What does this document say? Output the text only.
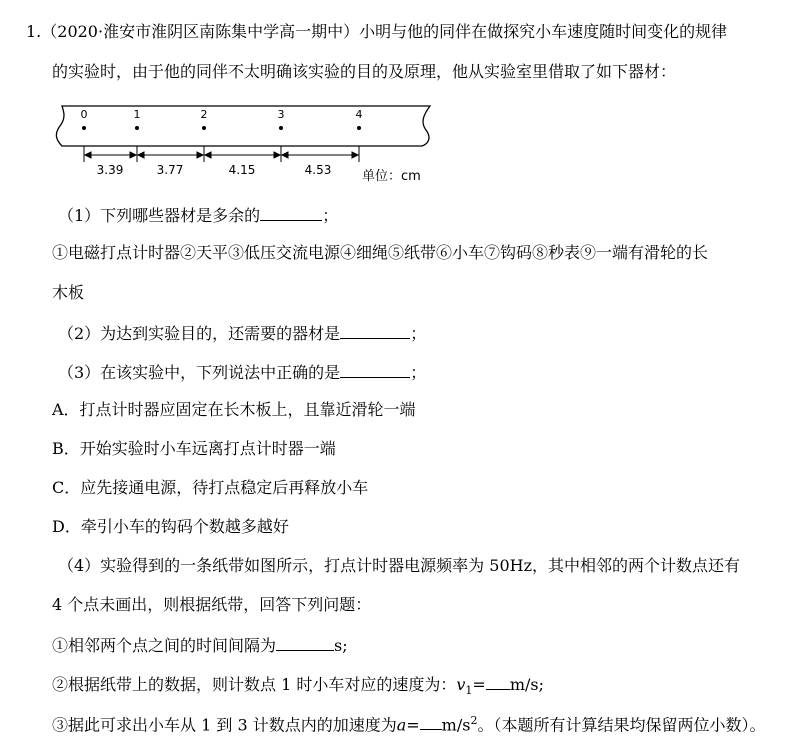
1.（2020·淮安市淮阴区南陈集中学高一期中）小明与他的同伴在做探究小车速度随时间变化的规律
的实验时，由于他的同伴不太明确该实验的目的及原理，他从实验室里借取了如下器材：
0	1	2	3	4
3.39	3.77	4.15	4.53 单位：cm
（1）下列哪些器材是多余的	；
①电磁打点计时器②天平③低压交流电源④细绳⑤纸带⑥小车⑦钩码⑧秒表⑨一端有滑轮的长
木板
（2）为达到实验目的，还需要的器材是	；
（3）在该实验中，下列说法中正确的是	；
A．打点计时器应固定在长木板上，且靠近滑轮一端
B．开始实验时小车远离打点计时器一端
C．应先接通电源，待打点稳定后再释放小车
D．牵引小车的钩码个数越多越好
（4）实验得到的一条纸带如图所示，打点计时器电源频率为 50Hz，其中相邻的两个计数点还有
4 个点未画出，则根据纸带，回答下列问题：
①相邻两个点之间的时间间隔为	s;
②根据纸带上的数据，则计数点 1 时小车对应的速度为：$v_1= m/s$;
③据此可求出小车从 1 到 3 计数点内的加速度为$a= m/s^2$。（本题所有计算结果均保留两位小数）。
